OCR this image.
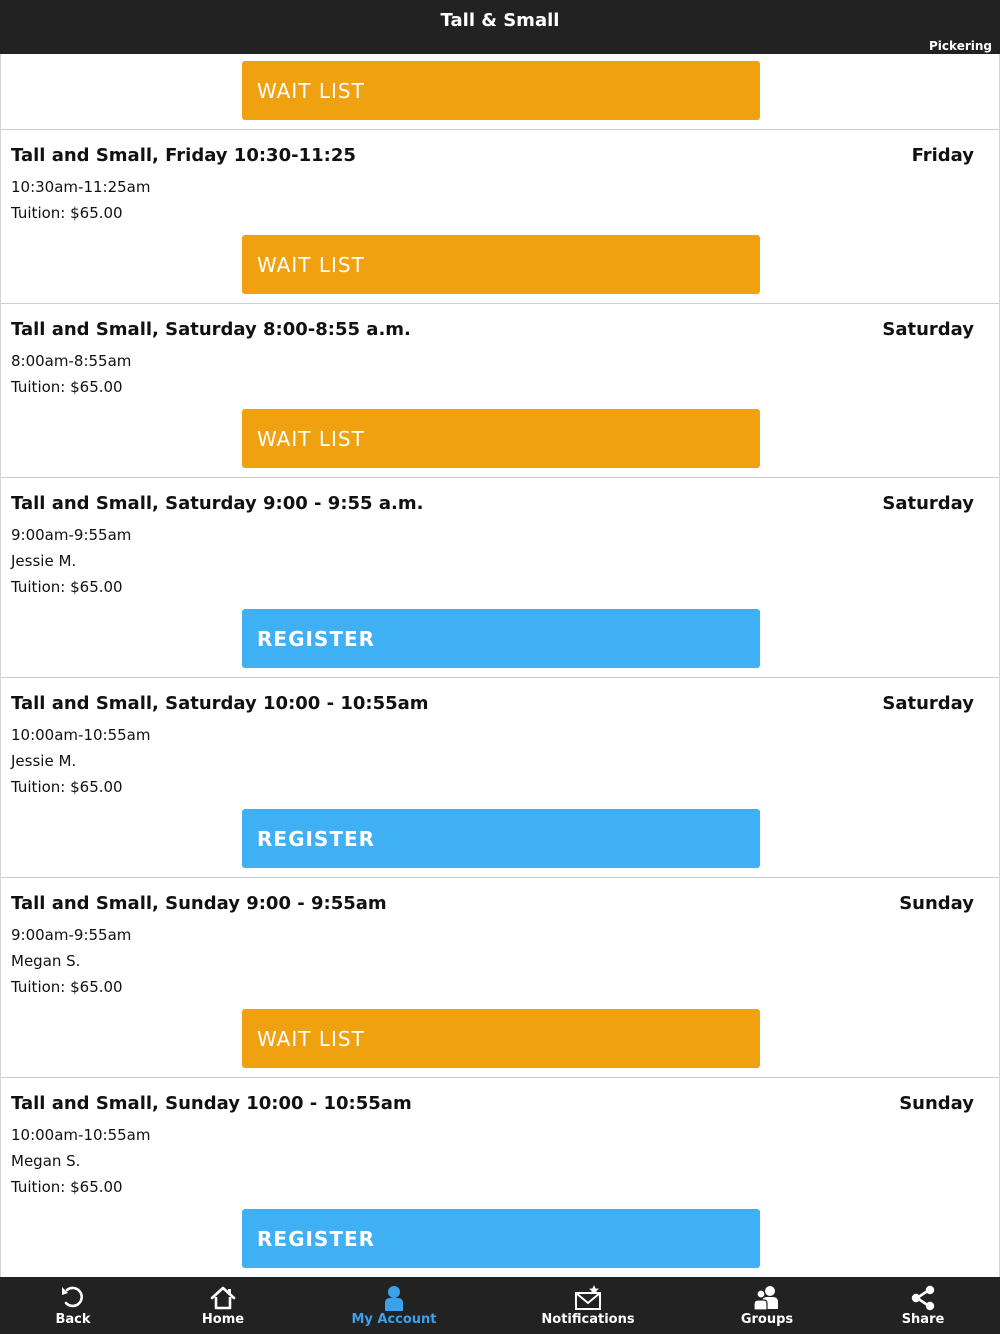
Tall & Small
Pickering
WAIT LIST
Tall and Small, Friday 10:30-11:25	Friday
10:30am-11:25am
Tuition: $65.00
WAIT LIST
Tall and Small, Saturday 8:00-8:55 a.m.	Saturday
8:00am-8:55am
Tuition: $65.00
WAIT LIST
Tall and Small, Saturday 9:00 - 9:55 a.m.	Saturday
9:00am-9:55am
Jessie M.
Tuition: $65.00
REGISTER
Tall and Small, Saturday 10:00 - 10:55am	Saturday
10:00am-10:55am
Jessie M.
Tuition: $65.00
REGISTER
Tall and Small, Sunday 9:00 - 9:55am	Sunday
9:00am-9:55am
Megan S.
Tuition: $65.00
WAIT LIST
Tall and Small, Sunday 10:00 - 10:55am	Sunday
10:00am-10:55am
Megan S.
Tuition: $65.00
REGISTER
Back	Home	My Account	Notifications	Groups	Share
